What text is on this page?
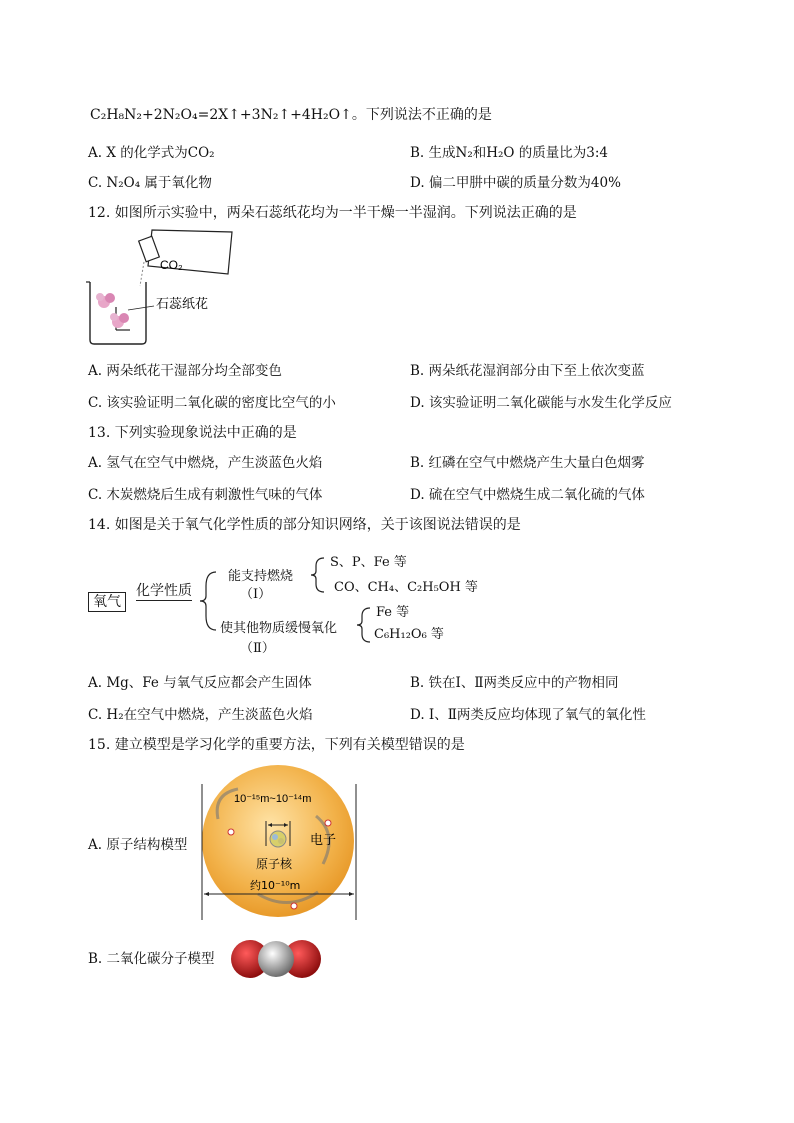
C₂H₈N₂+2N₂O₄=2X↑+3N₂↑+4H₂O↑。下列说法不正确的是
A. X 的化学式为CO₂	B. 生成N₂和H₂O 的质量比为3:4
C. N₂O₄ 属于氧化物	D. 偏二甲肼中碳的质量分数为40%
12. 如图所示实验中，两朵石蕊纸花均为一半干燥一半湿润。下列说法正确的是
CO₂
石蕊纸花
A. 两朵纸花干湿部分均全部变色	B. 两朵纸花湿润部分由下至上依次变蓝
C. 该实验证明二氧化碳的密度比空气的小	D. 该实验证明二氧化碳能与水发生化学反应
13. 下列实验现象说法中正确的是
A. 氢气在空气中燃烧，产生淡蓝色火焰	B. 红磷在空气中燃烧产生大量白色烟雾
C. 木炭燃烧后生成有刺激性气味的气体	D. 硫在空气中燃烧生成二氧化硫的气体
14. 如图是关于氧气化学性质的部分知识网络，关于该图说法错误的是
氧气
化学性质
能支持燃烧
（Ⅰ）
S、P、Fe 等
CO、CH₄、C₂H₅OH 等
使其他物质缓慢氧化
（Ⅱ）
Fe 等
C₆H₁₂O₆ 等
A. Mg、Fe 与氧气反应都会产生固体	B. 铁在Ⅰ、Ⅱ两类反应中的产物相同
C. H₂在空气中燃烧，产生淡蓝色火焰	D. Ⅰ、Ⅱ两类反应均体现了氧气的氧化性
15. 建立模型是学习化学的重要方法，下列有关模型错误的是
A. 原子结构模型
10⁻¹⁵m~10⁻¹⁴m
电子
原子核
约10⁻¹⁰m
B. 二氧化碳分子模型
